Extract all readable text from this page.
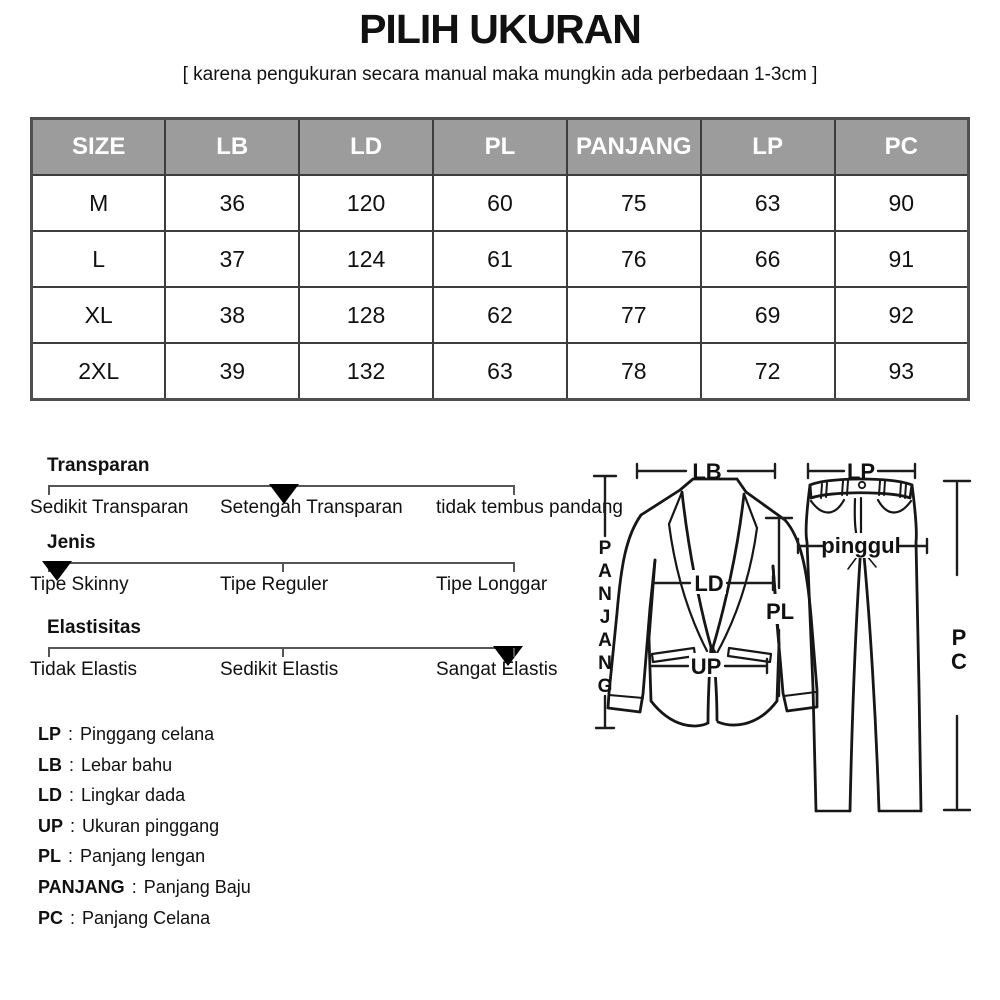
PILIH UKURAN
[ karena pengukuran secara manual maka mungkin ada perbedaan 1-3cm ]
SIZE	LB	LD	PL	PANJANG	LP	PC
M	36	120	60	75	63	90
L	37	124	61	76	66	91
XL	38	128	62	77	69	92
2XL	39	132	63	78	72	93
Transparan
Sedikit Transparan Setengah Transparan tidak tembus pandang
Jenis
Tipe Skinny	Tipe Reguler	Tipe Longgar
Elastisitas
Tidak Elastis	Sedikit Elastis	Sangat Elastis
LP : Pinggang celana
LB : Lebar bahu
LD : Lingkar dada
UP : Ukuran pinggang
PL : Panjang lengan
PANJANG : Panjang Baju
PC : Panjang Celana
LB	LP
LD
PL
UP
pinggul
P
A
N
J
A
N
G
P
C
